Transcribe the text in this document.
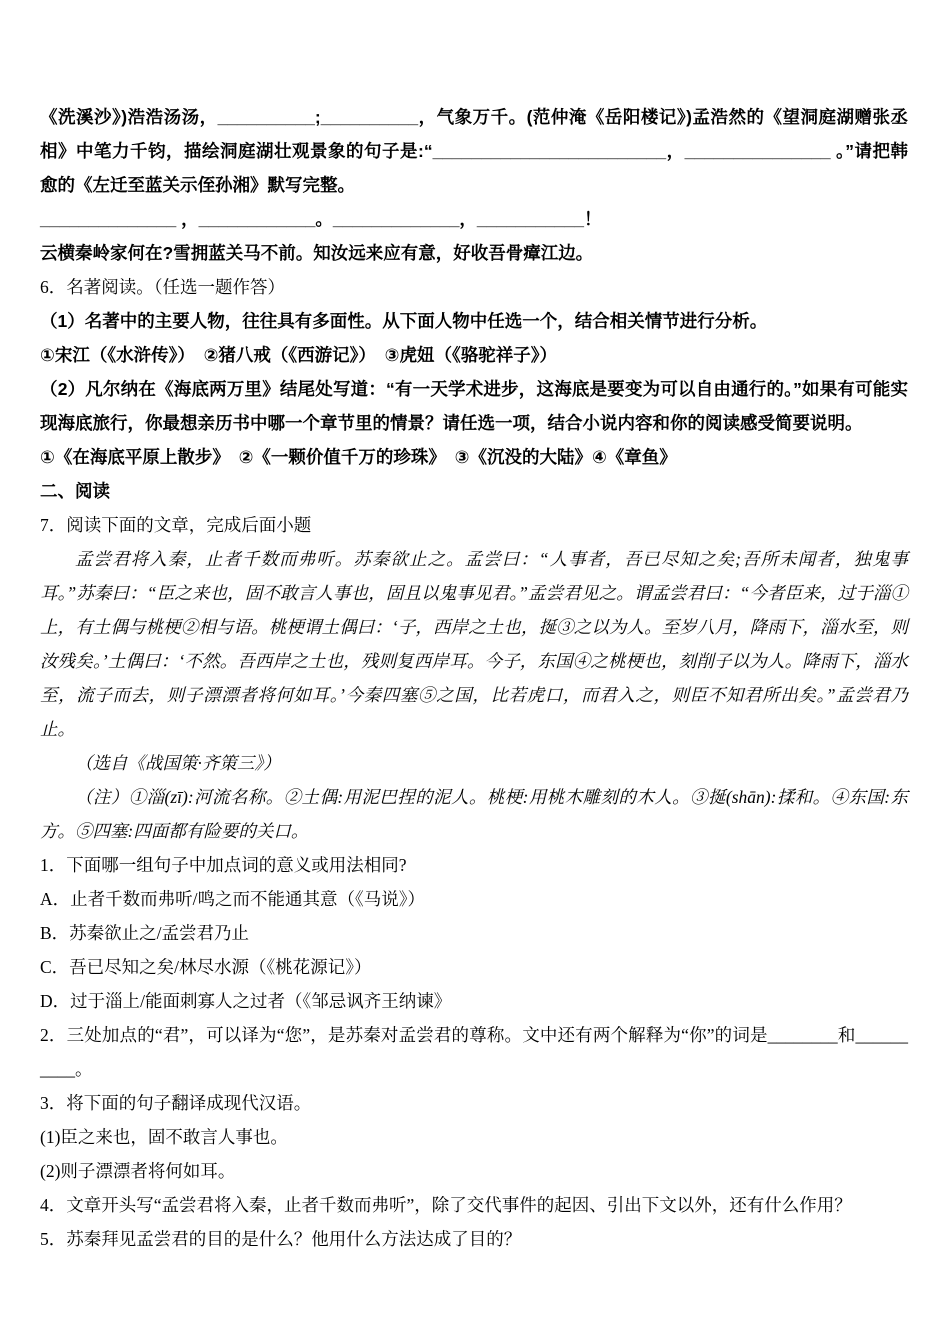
《洗溪沙》)浩浩汤汤，__________;__________，气象万千。(范仲淹《岳阳楼记》)孟浩然的《望洞庭湖赠张丞相》中笔力千钧，描绘洞庭湖壮观景象的句子是:“________________________，_______________ 。”请把韩愈的《左迁至蓝关示侄孙湘》默写完整。

______________ ，____________。_____________，___________！

云横秦岭家何在?雪拥蓝关马不前。知汝远来应有意，好收吾骨瘴江边。

6．名著阅读。（任选一题作答）

（1）名著中的主要人物，往往具有多面性。从下面人物中任选一个，结合相关情节进行分析。

①宋江（《水浒传》）　②猪八戒（《西游记》）　③虎妞（《骆驼祥子》）

（2）凡尔纳在《海底两万里》结尾处写道：“有一天学术进步，这海底是要变为可以自由通行的。”如果有可能实现海底旅行，你最想亲历书中哪一个章节里的情景？请任选一项，结合小说内容和你的阅读感受简要说明。

①《在海底平原上散步》　②《一颗价值千万的珍珠》　③《沉没的大陆》④《章鱼》

二、阅读

7．阅读下面的文章，完成后面小题

孟尝君将入秦，止者千数而弗听。苏秦欲止之。孟尝曰：“人事者，吾已尽知之矣;吾所未闻者，独鬼事耳。”苏秦曰：“臣之来也，固不敢言人事也，固且以鬼事见君。”孟尝君见之。谓孟尝君曰：“今者臣来，过于淄①上，有土偶与桃梗②相与语。桃梗谓土偶曰：‘子，西岸之土也，挻③之以为人。至岁八月，降雨下，淄水至，则汝残矣。’土偶曰：‘不然。吾西岸之土也，残则复西岸耳。今子，东国④之桃梗也，刻削子以为人。降雨下，淄水至，流子而去，则子漂漂者将何如耳。’今秦四塞⑤之国，比若虎口，而君入之，则臣不知君所出矣。”孟尝君乃止。

（选自《战国策·齐策三》）

（注）①淄(zī):河流名称。②土偶:用泥巴捏的泥人。桃梗:用桃木雕刻的木人。③挻(shān):揉和。④东国:东方。⑤四塞:四面都有险要的关口。

1．下面哪一组句子中加点词的意义或用法相同?

A．止者千数而弗听/鸣之而不能通其意（《马说》）

B．苏秦欲止之/孟尝君乃止

C．吾已尽知之矣/林尽水源（《桃花源记》）

D．过于淄上/能面刺寡人之过者（《邹忌讽齐王纳谏》

2．三处加点的“君”，可以译为“您”，是苏秦对孟尝君的尊称。文中还有两个解释为“你”的词是________和__________。

3．将下面的句子翻译成现代汉语。

(1)臣之来也，固不敢言人事也。

(2)则子漂漂者将何如耳。

4．文章开头写“孟尝君将入秦，止者千数而弗听”，除了交代事件的起因、引出下文以外，还有什么作用？

5．苏秦拜见孟尝君的目的是什么？他用什么方法达成了目的？
